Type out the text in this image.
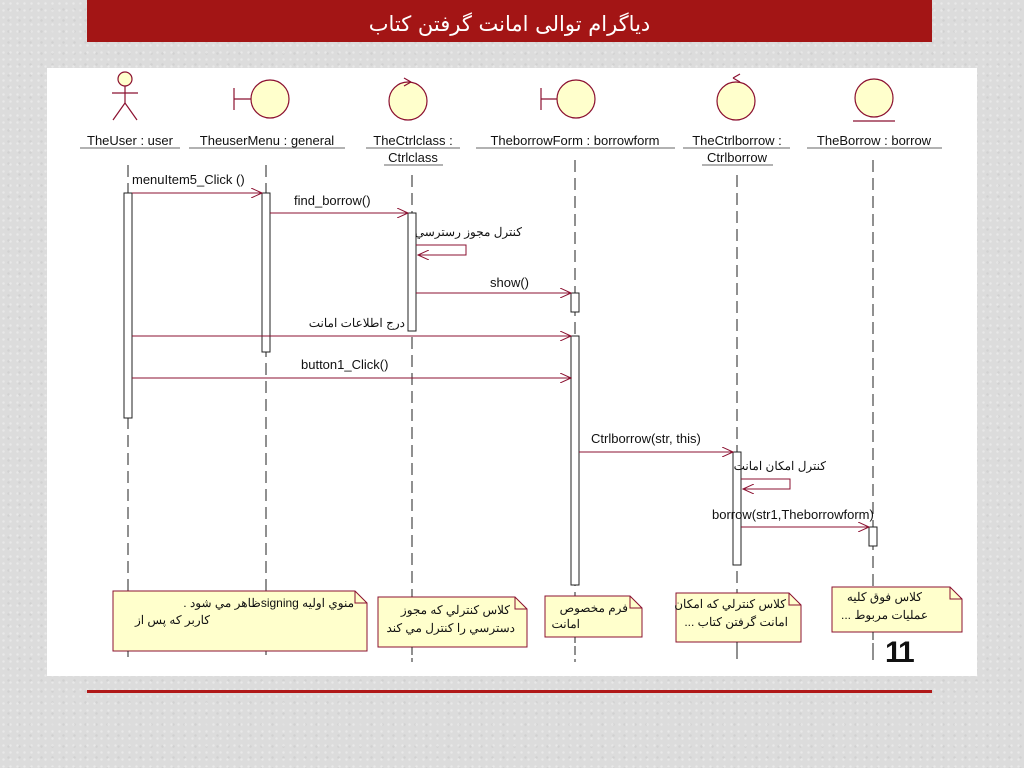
دیاگرام توالی امانت گرفتن کتاب
TheUser : user TheuserMenu : general	TheCtrlclass :
Ctrlclass
TheborrowForm : borrowform	TheCtrlborrow :
Ctrlborrow
TheBorrow : borrow
menuItem5_Click ()
find_borrow()
کنترل مجوز رسترسي
show()
درج اطلاعات امانت
button1_Click()
Ctrlborrow(str, this)
کنترل امکان امانت
borrow(str1,Theborrowform)
منوي اوليه signingظاهر مي شود .
كاربر كه پس از
كلاس كنترلي كه مجوز
دسترسي را كنترل مي كند
فرم مخصوص
امانت
كلاس كنترلي كه امكان
امانت گرفتن كتاب ...
كلاس فوق كليه
عمليات مربوط ...
11
